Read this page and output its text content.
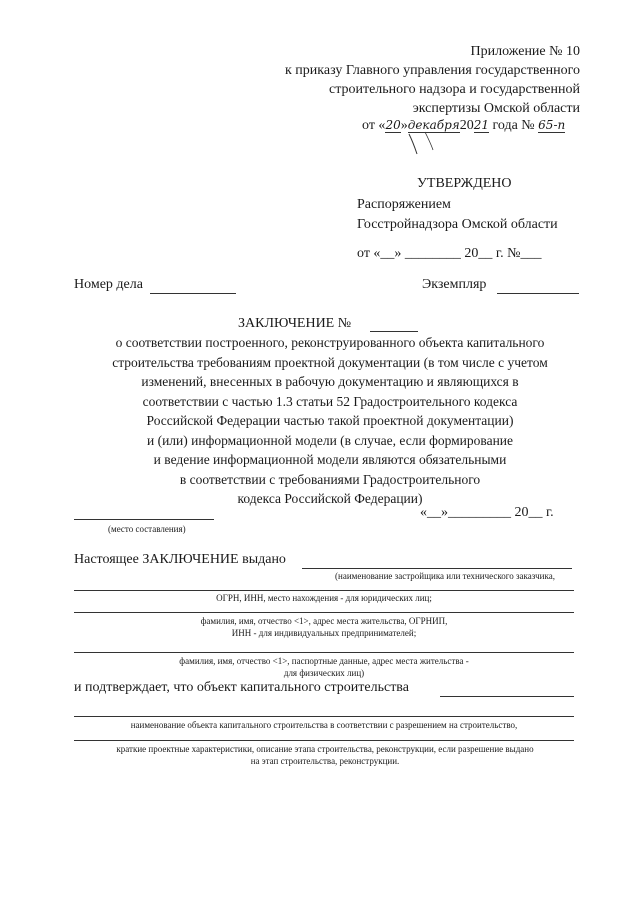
Приложение № 10
к приказу Главного управления государственного
строительного надзора и государственной
экспертизы Омской области
от «20»декабря2021 года № 65-п
УТВЕРЖДЕНО
Распоряжением
Госстройнадзора Омской области
от «__» ________ 20__ г. №___
Номер дела	Экземпляр
ЗАКЛЮЧЕНИЕ №
о соответствии построенного, реконструированного объекта капитального
строительства требованиям проектной документации (в том числе с учетом
изменений, внесенных в рабочую документацию и являющихся в
соответствии с частью 1.3 статьи 52 Градостроительного кодекса
Российской Федерации частью такой проектной документации)
и (или) информационной модели (в случае, если формирование
и ведение информационной модели являются обязательными
в соответствии с требованиями Градостроительного
кодекса Российской Федерации)
(место составления)
«__»_________ 20__ г.
Настоящее ЗАКЛЮЧЕНИЕ выдано
(наименование застройщика или технического заказчика,
ОГРН, ИНН, место нахождения - для юридических лиц;
фамилия, имя, отчество <1>, адрес места жительства, ОГРНИП,
ИНН - для индивидуальных предпринимателей;
фамилия, имя, отчество <1>, паспортные данные, адрес места жительства -
для физических лиц)
и подтверждает, что объект капитального строительства
наименование объекта капитального строительства в соответствии с разрешением на строительство,
краткие проектные характеристики, описание этапа строительства, реконструкции, если разрешение выдано
на этап строительства, реконструкции.
